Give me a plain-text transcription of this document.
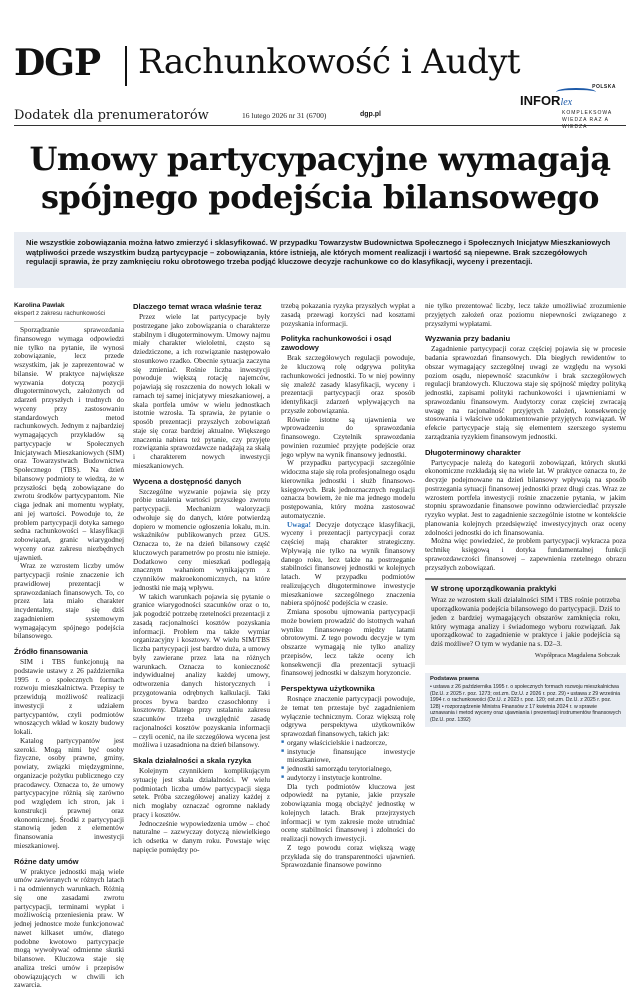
DGP Rachunkowość i Audyt
POLSKA
INFORlex
KOMPLEKSOWA WIEDZA RAZ A WIEDZA
Dodatek dla prenumeratorów	16 lutego 2026 nr 31 (6700)	dgp.pl
Umowy partycypacyjne wymagają spójnego podejścia bilansowego
Nie wszystkie zobowiązania można łatwo zmierzyć i sklasyfikować. W przypadku Towarzystw Budownictwa Społecznego i Społecznych Inicjatyw Mieszkaniowych wątpliwości przede wszystkim budzą partycypacje – zobowiązania, które istnieją, ale których moment realizacji i wartość są niepewne. Brak szczegółowych regulacji sprawia, że przy zamknięciu roku obrotowego trzeba podjąć kluczowe decyzje rachunkowe co do klasyfikacji, wyceny i prezentacji.
Karolina Pawlak
ekspert z zakresu rachunkowości

Sporządzanie sprawozdania finansowego wymaga odpowiedzi nie tylko na pytanie, ile wynosi zobowiązanie, lecz przede wszystkim, jak je zaprezentować w bilansie. W praktyce największe wyzwania dotyczą pozycji długoterminowych, założonych od zdarzeń przyszłych i trudnych do wyceny przy zastosowaniu standardowych metod rachunkowych. Jednym z najbardziej wymagających przykładów są partycypacje w Społecznych Inicjatywach Mieszkaniowych (SIM) oraz Towarzystwach Budownictwa Społecznego (TBS). Na dzień bilansowy podmioty te wiedzą, że w przyszłości będą zobowiązane do zwrotu środków partycypantom. Nie ciąga jednak ani momentu wypłaty, ani jej wartości. Powoduje to, że problem partycypacji dotyka samego sedna rachunkowości – klasyfikacji zobowiązań, granic wiarygodnej wyceny oraz zakresu niezbędnych ujawnień.

Wraz ze wzrostem liczby umów partycypacji rośnie znaczenie ich prawidłowej prezentacji w sprawozdaniach finansowych. To, co przez lata miało charakter incydentalny, staje się dziś zagadnieniem systemowym wymagającym spójnego podejścia bilansowego.

Źródło finansowania

SIM i TBS funkcjonują na podstawie ustawy z 26 października 1995 r. o społecznych formach rozwoju mieszkalnictwa. Przepisy te przewidują możliwość realizacji inwestycji z udziałem partycypantów, czyli podmiotów wnoszących wkład w koszty budowy lokali.

Katalog partycypantów jest szeroki. Mogą nimi być osoby fizyczne, osoby prawne, gminy, powiaty, związki międzygminne, organizacje pożytku publicznego czy pracodawcy. Oznacza to, że umowy partycypacyjne różnią się zarówno pod względem ich stron, jak i konstrukcji prawnej oraz ekonomicznej. Środki z partycypacji stanowią jeden z elementów finansowania inwestycji mieszkaniowej.

Różne daty umów

W praktyce jednostki mają wiele umów zawieranych w różnych latach i na odmiennych warunkach. Różnią się one zasadami zwrotu partycypacji, terminami wypłat i możliwością przeniesienia praw. W jednej jednostce może funkcjonować nawet kilkaset umów, dlatego podobne kwotowo partycypacje mogą wywoływać odmienne skutki bilansowe. Kluczowa staje się analiza treści umów i przepisów obowiązujących w chwili ich zawarcia.

Dlaczego temat wraca właśnie teraz

Przez wiele lat partycypacje były postrzegane jako zobowiązania o charakterze stabilnym i długoterminowym. Umowy najmu miały charakter wieloletni, często są dziedziczone, a ich rozwiązanie następowało stosunkowo rzadko. Obecnie sytuacja zaczyna się zmieniać. Rośnie liczba inwestycji powoduje większą rotację najemców, pojawiają się roszczenia do nowych lokali w ramach tej samej inicjatywy mieszkaniowej, a skala portfela umów w wielu jednostkach istotnie wzrosła. Ta sprawia, że pytanie o sposób prezentacji przyszłych zobowiązań staje się coraz bardziej aktualne. Większego znaczenia nabiera też pytanie, czy przyjęte rozwiązania sprawozdawcze nadążają za skalą i charakterem nowych inwestycji mieszkaniowych.

Wycena a dostępność danych

Szczególne wyzwanie pojawia się przy próbie ustalenia wartości przyszłego zwrotu partycypacji. Mechanizm waloryzacji odwołuje się do danych, które potwierdzą dopiero w momencie ogłoszenia lokalu, m.in. wskaźników publikowanych przez GUS. Oznacza to, że na dzień bilansowy część kluczowych parametrów po prostu nie istnieje. Dodatkowo ceny mieszkań podlegają znacznym wahaniom wynikającym z czynników makroekonomicznych, na które jednostki nie mają wpływu.

W takich warunkach pojawia się pytanie o granice wiarygodności szacunków oraz o to, jak pogodzić potrzebę rzetelności prezentacji z zasadą racjonalności kosztów pozyskania informacji. Problem ma także wymiar organizacyjny i kosztowy. W wielu SIM/TBS liczba partycypacji jest bardzo duża, a umowy były zawierane przez lata na różnych warunkach. Oznacza to konieczność indywidualnej analizy każdej umowy, odtworzenia danych historycznych i przygotowania odrębnych kalkulacji. Taki proces bywa bardzo czasochłonny i kosztowny. Dlatego przy ustalaniu zakresu szacunków trzeba uwzględnić zasadę racjonalności kosztów pozyskania informacji – czyli ocenić, na ile szczegółowa wycena jest możliwa i uzasadniona na dzień bilansowy.

Skala działalności a skala ryzyka

Kolejnym czynnikiem komplikującym sytuację jest skala działalności. W wielu podmiotach liczba umów partycypacji sięga setek. Próba szczegółowej analizy każdej z nich mogłaby oznaczać ogromne nakłady pracy i kosztów.

Jednocześnie wypowiedzenia umów – choć naturalne – zazwyczay dotyczą niewielkiego ich odsetka w danym roku. Powstaje więc napięcie pomiędzy po-

trzebą pokazania ryzyka przyszłych wypłat a zasadą przewagi korzyści nad kosztami pozyskania informacji.

Polityka rachunkowości i osąd zawodowy

Brak szczegółowych regulacji powoduje, że kluczową rolę odgrywa polityka rachunkowości jednostki. To w niej powinny się znaleźć zasady klasyfikacji, wyceny i prezentacji partycypacji oraz sposób identyfikacji zdarzeń wpływających na przyszłe zobowiązania.

Równie istotne są ujawnienia we wprowadzeniu do sprawozdania finansowego. Czytelnik sprawozdania powinien rozumieć przyjęte podejście oraz jego wpływ na wynik finansowy jednostki.

W przypadku partycypacji szczególnie widoczna staje się rola profesjonalnego osądu kierownika jednostki i służb finansowo-księgowych. Brak jednoznacznych regulacji oznacza bowiem, że nie ma jednego modelu postępowania, który można zastosować automatycznie.

Uwaga! Decyzje dotyczące klasyfikacji, wyceny i prezentacji partycypacji coraz częściej mają charakter strategiczny. Wpływają nie tylko na wynik finansowy danego roku, lecz także na postrzeganie stabilności finansowej jednostki w kolejnych latach. W przypadku podmiotów realizujących długoterminowe inwestycje mieszkaniowe szczególnego znaczenia nabiera spójność podejścia w czasie.

Zmiana sposobu ujmowania partycypacji może bowiem prowadzić do istotnych wahań wyniku finansowego między latami obrotowymi. Z tego powodu decyzje w tym obszarze wymagają nie tylko analizy przepisów, lecz także oceny ich konsekwencji dla prezentacji sytuacji finansowej jednostki w dalszym horyzoncie.

Perspektywa użytkownika

Rosnące znaczenie partycypacji powoduje, że temat ten przestaje być zagadnieniem wyłącznie technicznym. Coraz większą rolę odgrywa perspektywa użytkowników sprawozdań finansowych, takich jak:

■ organy właścicielskie i nadzorcze,

■ instytucje finansujące inwestycje mieszkaniowe,

■ jednostki samorządu terytorialnego,

■ audytorzy i instytucje kontrolne.

Dla tych podmiotów kluczowa jest odpowiedź na pytanie, jakie przyszłe zobowiązania mogą obciążyć jednostkę w kolejnych latach. Brak przejrzystych informacji w tym zakresie może utrudniać ocenę stabilności finansowej i zdolności do realizacji nowych inwestycji.

Z tego powodu coraz większą wagę przykłada się do transparentności ujawnień. Sprawozdanie finansowe powinno

nie tylko prezentować liczby, lecz także umożliwiać zrozumienie przyjętych założeń oraz poziomu niepewności związanego z przyszłymi wypłatami.

Wyzwania przy badaniu

Zagadnienie partycypacji coraz częściej pojawia się w procesie badania sprawozdań finansowych. Dla biegłych rewidentów to obszar wymagający szczególnej uwagi ze względu na wysoki poziom osądu, niepewność szacunków i brak szczegółowych regulacji branżowych. Kluczowa staje się spójność między polityką jednostki, zapisami polityki rachunkowości i ujawnieniami w sprawozdaniu finansowym. Audytorzy coraz częściej zwracają uwagę na racjonalność przyjętych założeń, konsekwencję stosowania i właściwe udokumentowanie przyjętych rozwiązań. W efekcie partycypacje stają się elementem szerszego systemu zarządzania ryzykiem finansowym jednostki.

Długoterminowy charakter

Partycypacje należą do kategorii zobowiązań, których skutki ekonomiczne rozkładają się na wiele lat. W praktyce oznacza to, że decyzje podejmowane na dzień bilansowy wpływają na sposób postrzegania sytuacji finansowej jednostki przez długi czas. Wraz ze wzrostem portfela inwestycji rośnie znaczenie pytania, w jakim stopniu sprawozdanie finansowe powinno odzwierciedlać przyszłe ryzyko wypłat. Jest to zagadnienie szczególnie istotne w kontekście planowania kolejnych przedsięwzięć inwestycyjnych oraz oceny zdolności jednostki do ich finansowania.

Można więc powiedzieć, że problem partycypacji wykracza poza technikę księgową i dotyka fundamentalnej funkcji sprawozdawczości finansowej – zapewnienia rzetelnego obrazu przyszłych zobowiązań.

W stronę uporządkowania praktyki

Wraz ze wzrostem skali działalności SIM i TBS rośnie potrzeba uporządkowania podejścia bilansowego do partycypacji. Dziś to jeden z bardziej wymagających obszarów zamknięcia roku, który wymaga analizy i świadomego wyboru rozwiązań. Jak uporządkować to zagadnienie w praktyce i jakie podejścia są dziś możliwe? O tym w wydanie na s. D2–3.

Współpraca Magdalena Sobczak
Podstawa prawna
• ustawa z 26 października 1995 r. o społecznych formach rozwoju mieszkalnictwa (Dz.U. z 2025 r. poz. 1273; ost.zm. Dz.U. z 2026 r. poz. 29) • ustawa z 29 września 1994 r. o rachunkowości (Dz.U. z 2023 r. poz. 120; ost.zm. Dz.U. z 2025 r. poz. 128) • rozporządzenie Ministra Finansów z 17 kwietnia 2024 r. w sprawie uznawania i metod wyceny oraz ujawniania i prezentacji instrumentów finansowych (Dz.U. poz. 1392)
